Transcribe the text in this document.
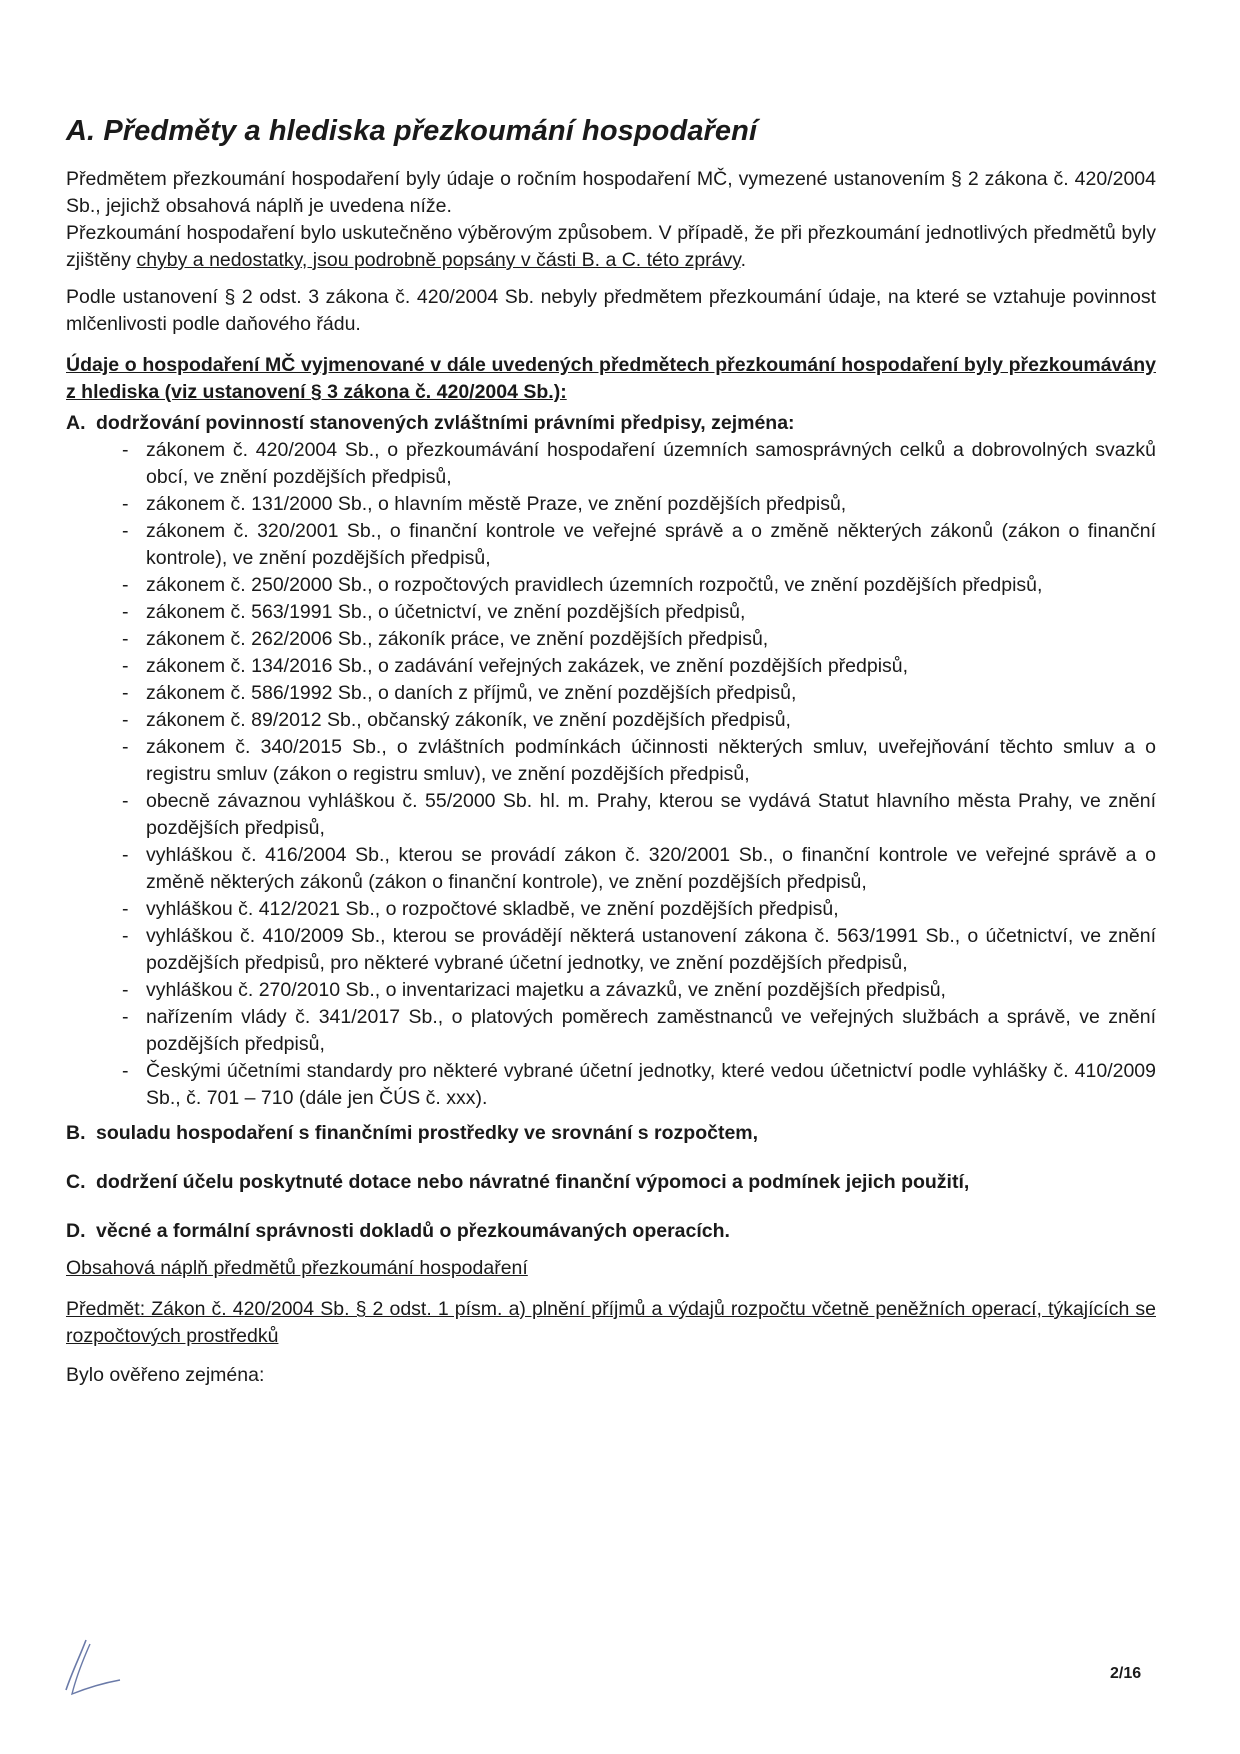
A. Předměty a hlediska přezkoumání hospodaření

Předmětem přezkoumání hospodaření byly údaje o ročním hospodaření MČ, vymezené ustanovením § 2 zákona č. 420/2004 Sb., jejichž obsahová náplň je uvedena níže.

Přezkoumání hospodaření bylo uskutečněno výběrovým způsobem. V případě, že při přezkoumání jednotlivých předmětů byly zjištěny chyby a nedostatky, jsou podrobně popsány v části B. a C. této zprávy.

Podle ustanovení § 2 odst. 3 zákona č. 420/2004 Sb. nebyly předmětem přezkoumání údaje, na které se vztahuje povinnost mlčenlivosti podle daňového řádu.

Údaje o hospodaření MČ vyjmenované v dále uvedených předmětech přezkoumání hospodaření byly přezkoumávány z hlediska (viz ustanovení § 3 zákona č. 420/2004 Sb.):

A. dodržování povinností stanovených zvláštními právními předpisy, zejména:
- zákonem č. 420/2004 Sb., o přezkoumávání hospodaření územních samosprávných celků a dobrovolných svazků obcí, ve znění pozdějších předpisů,
- zákonem č. 131/2000 Sb., o hlavním městě Praze, ve znění pozdějších předpisů,
- zákonem č. 320/2001 Sb., o finanční kontrole ve veřejné správě a o změně některých zákonů (zákon o finanční kontrole), ve znění pozdějších předpisů,
- zákonem č. 250/2000 Sb., o rozpočtových pravidlech územních rozpočtů, ve znění pozdějších předpisů,
- zákonem č. 563/1991 Sb., o účetnictví, ve znění pozdějších předpisů,
- zákonem č. 262/2006 Sb., zákoník práce, ve znění pozdějších předpisů,
- zákonem č. 134/2016 Sb., o zadávání veřejných zakázek, ve znění pozdějších předpisů,
- zákonem č. 586/1992 Sb., o daních z příjmů, ve znění pozdějších předpisů,
- zákonem č. 89/2012 Sb., občanský zákoník, ve znění pozdějších předpisů,
- zákonem č. 340/2015 Sb., o zvláštních podmínkách účinnosti některých smluv, uveřejňování těchto smluv a o registru smluv (zákon o registru smluv), ve znění pozdějších předpisů,
- obecně závaznou vyhláškou č. 55/2000 Sb. hl. m. Prahy, kterou se vydává Statut hlavního města Prahy, ve znění pozdějších předpisů,
- vyhláškou č. 416/2004 Sb., kterou se provádí zákon č. 320/2001 Sb., o finanční kontrole ve veřejné správě a o změně některých zákonů (zákon o finanční kontrole), ve znění pozdějších předpisů,
- vyhláškou č. 412/2021 Sb., o rozpočtové skladbě, ve znění pozdějších předpisů,
- vyhláškou č. 410/2009 Sb., kterou se provádějí některá ustanovení zákona č. 563/1991 Sb., o účetnictví, ve znění pozdějších předpisů, pro některé vybrané účetní jednotky, ve znění pozdějších předpisů,
- vyhláškou č. 270/2010 Sb., o inventarizaci majetku a závazků, ve znění pozdějších předpisů,
- nařízením vlády č. 341/2017 Sb., o platových poměrech zaměstnanců ve veřejných službách a správě, ve znění pozdějších předpisů,
- Českými účetními standardy pro některé vybrané účetní jednotky, které vedou účetnictví podle vyhlášky č. 410/2009 Sb., č. 701 – 710 (dále jen ČÚS č. xxx).
B. souladu hospodaření s finančními prostředky ve srovnání s rozpočtem,
C. dodržení účelu poskytnuté dotace nebo návratné finanční výpomoci a podmínek jejich použití,
D. věcné a formální správnosti dokladů o přezkoumávaných operacích.

Obsahová náplň předmětů přezkoumání hospodaření

Předmět: Zákon č. 420/2004 Sb. § 2 odst. 1 písm. a) plnění příjmů a výdajů rozpočtu včetně peněžních operací, týkajících se rozpočtových prostředků

Bylo ověřeno zejména:

2/16
